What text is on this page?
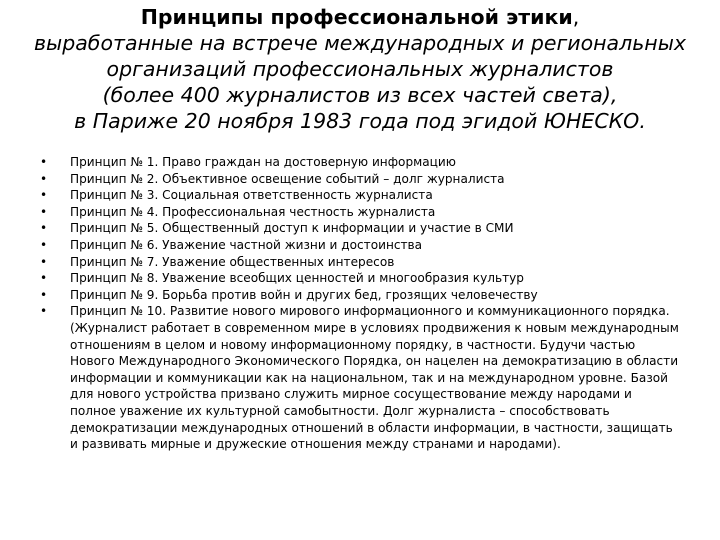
Принципы профессиональной этики,
выработанные на встрече международных и региональных
организаций профессиональных журналистов
(более 400 журналистов из всех частей света),
в Париже 20 ноября 1983 года под эгидой ЮНЕСКО.
• Принцип № 1. Право граждан на достоверную информацию
• Принцип № 2. Объективное освещение событий – долг журналиста
• Принцип № 3. Социальная ответственность журналиста
• Принцип № 4. Профессиональная честность журналиста
• Принцип № 5. Общественный доступ к информации и участие в СМИ
• Принцип № 6. Уважение частной жизни и достоинства
• Принцип № 7. Уважение общественных интересов
• Принцип № 8. Уважение всеобщих ценностей и многообразия культур
• Принцип № 9. Борьба против войн и других бед, грозящих человечеству
• Принцип № 10. Развитие нового мирового информационного и коммуникационного порядка. (Журналист работает в современном мире в условиях продвижения к новым международным отношениям в целом и новому информационному порядку, в частности. Будучи частью Нового Международного Экономического Порядка, он нацелен на демократизацию в области информации и коммуникации как на национальном, так и на международном уровне. Базой для нового устройства призвано служить мирное сосуществование между народами и полное уважение их культурной самобытности. Долг журналиста – способствовать демократизации международных отношений в области информации, в частности, защищать и развивать мирные и дружеские отношения между странами и народами).
